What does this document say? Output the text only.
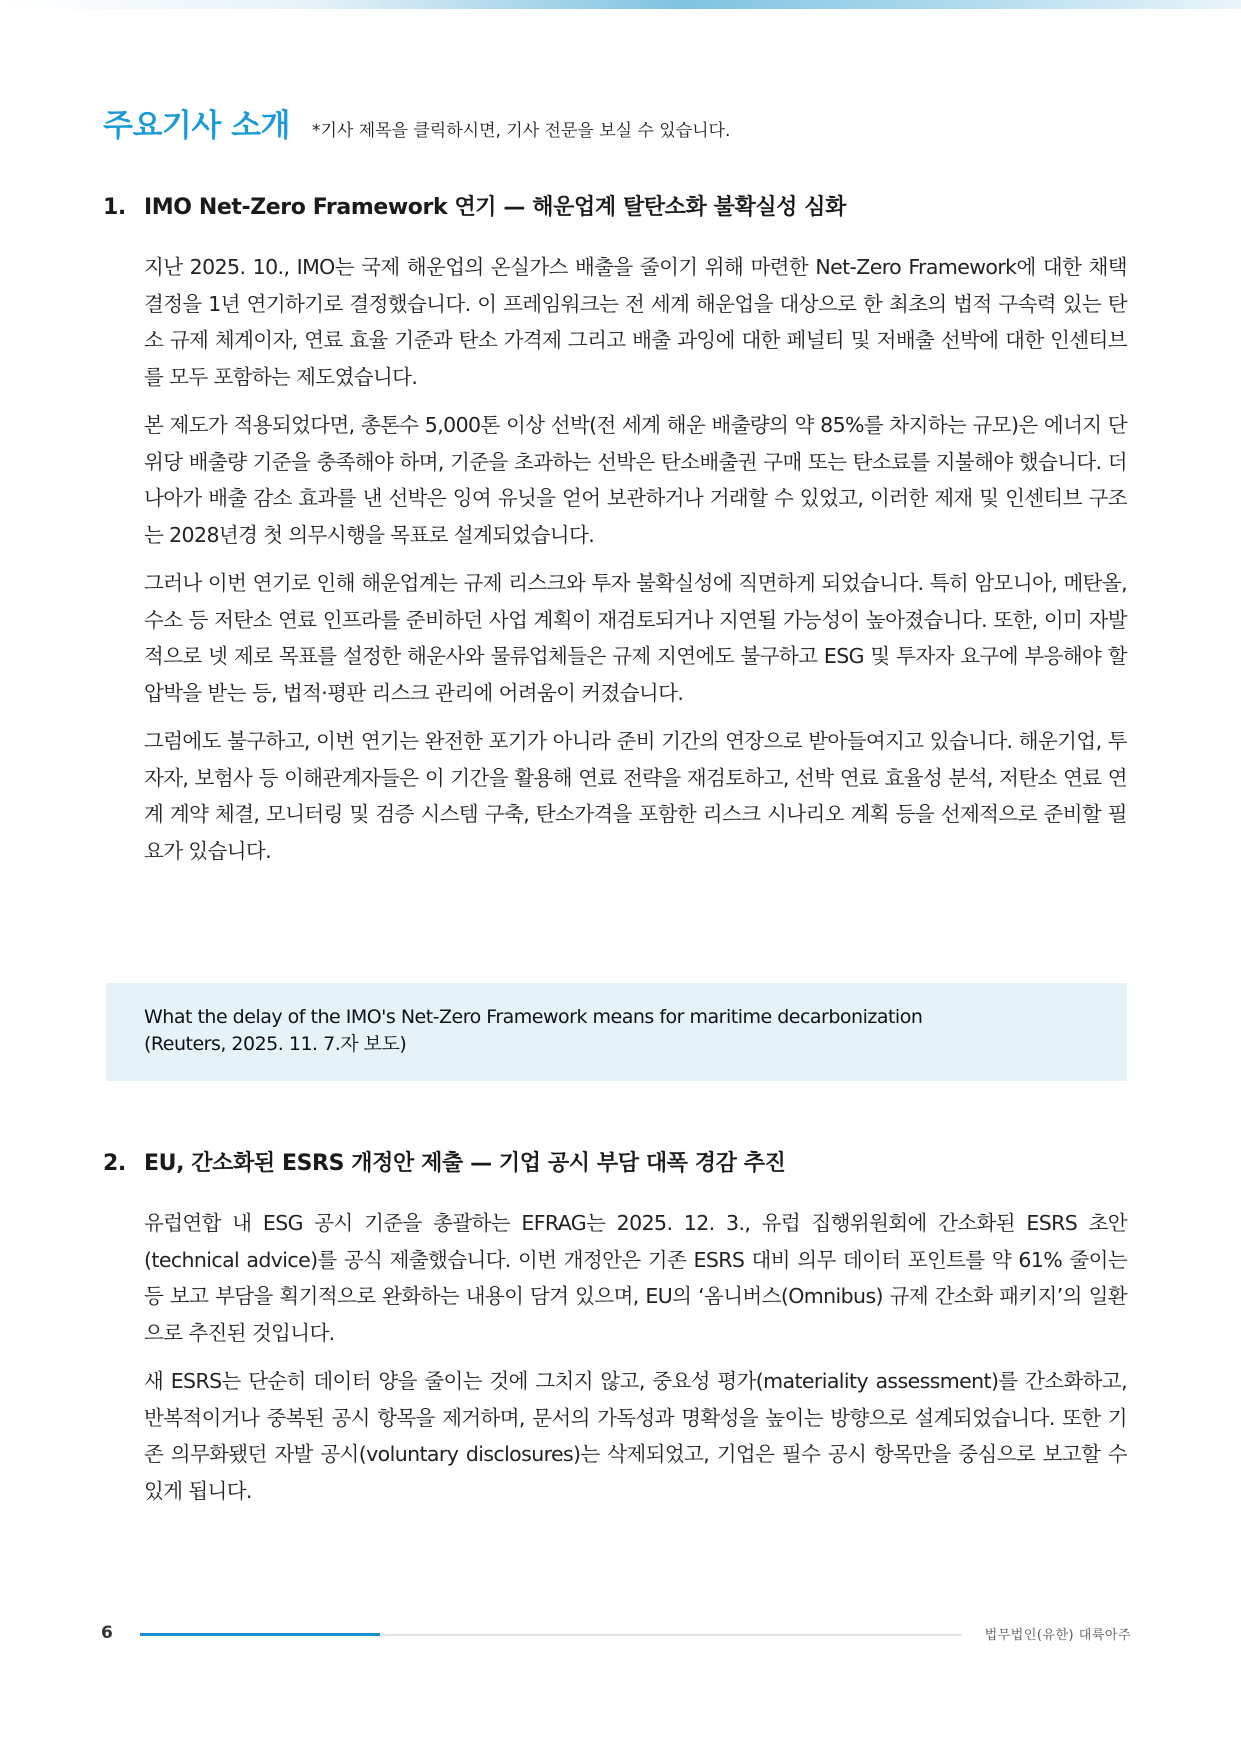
주요기사 소개 *기사 제목을 클릭하시면, 기사 전문을 보실 수 있습니다.
1. IMO Net-Zero Framework 연기 — 해운업계 탈탄소화 불확실성 심화

지난 2025. 10., IMO는 국제 해운업의 온실가스 배출을 줄이기 위해 마련한 Net-Zero Framework에 대한 채택 결정을 1년 연기하기로 결정했습니다. 이 프레임워크는 전 세계 해운업을 대상으로 한 최초의 법적 구속력 있는 탄소 규제 체계이자, 연료 효율 기준과 탄소 가격제 그리고 배출 과잉에 대한 페널티 및 저배출 선박에 대한 인센티브를 모두 포함하는 제도였습니다.

본 제도가 적용되었다면, 총톤수 5,000톤 이상 선박(전 세계 해운 배출량의 약 85%를 차지하는 규모)은 에너지 단위당 배출량 기준을 충족해야 하며, 기준을 초과하는 선박은 탄소배출권 구매 또는 탄소료를 지불해야 했습니다. 더 나아가 배출 감소 효과를 낸 선박은 잉여 유닛을 얻어 보관하거나 거래할 수 있었고, 이러한 제재 및 인센티브 구조는 2028년경 첫 의무시행을 목표로 설계되었습니다.

그러나 이번 연기로 인해 해운업계는 규제 리스크와 투자 불확실성에 직면하게 되었습니다. 특히 암모니아, 메탄올, 수소 등 저탄소 연료 인프라를 준비하던 사업 계획이 재검토되거나 지연될 가능성이 높아졌습니다. 또한, 이미 자발적으로 넷 제로 목표를 설정한 해운사와 물류업체들은 규제 지연에도 불구하고 ESG 및 투자자 요구에 부응해야 할 압박을 받는 등, 법적·평판 리스크 관리에 어려움이 커졌습니다.

그럼에도 불구하고, 이번 연기는 완전한 포기가 아니라 준비 기간의 연장으로 받아들여지고 있습니다. 해운기업, 투자자, 보험사 등 이해관계자들은 이 기간을 활용해 연료 전략을 재검토하고, 선박 연료 효율성 분석, 저탄소 연료 연계 계약 체결, 모니터링 및 검증 시스템 구축, 탄소가격을 포함한 리스크 시나리오 계획 등을 선제적으로 준비할 필요가 있습니다.

What the delay of the IMO's Net-Zero Framework means for maritime decarbonization
(Reuters, 2025. 11. 7.자 보도)
2. EU, 간소화된 ESRS 개정안 제출 — 기업 공시 부담 대폭 경감 추진

유럽연합 내 ESG 공시 기준을 총괄하는 EFRAG는 2025. 12. 3., 유럽 집행위원회에 간소화된 ESRS 초안(technical advice)를 공식 제출했습니다. 이번 개정안은 기존 ESRS 대비 의무 데이터 포인트를 약 61% 줄이는 등 보고 부담을 획기적으로 완화하는 내용이 담겨 있으며, EU의 ‘옴니버스(Omnibus) 규제 간소화 패키지’의 일환으로 추진된 것입니다.

새 ESRS는 단순히 데이터 양을 줄이는 것에 그치지 않고, 중요성 평가(materiality assessment)를 간소화하고, 반복적이거나 중복된 공시 항목을 제거하며, 문서의 가독성과 명확성을 높이는 방향으로 설계되었습니다. 또한 기존 의무화됐던 자발 공시(voluntary disclosures)는 삭제되었고, 기업은 필수 공시 항목만을 중심으로 보고할 수 있게 됩니다.

6	법무법인(유한) 대륙아주
